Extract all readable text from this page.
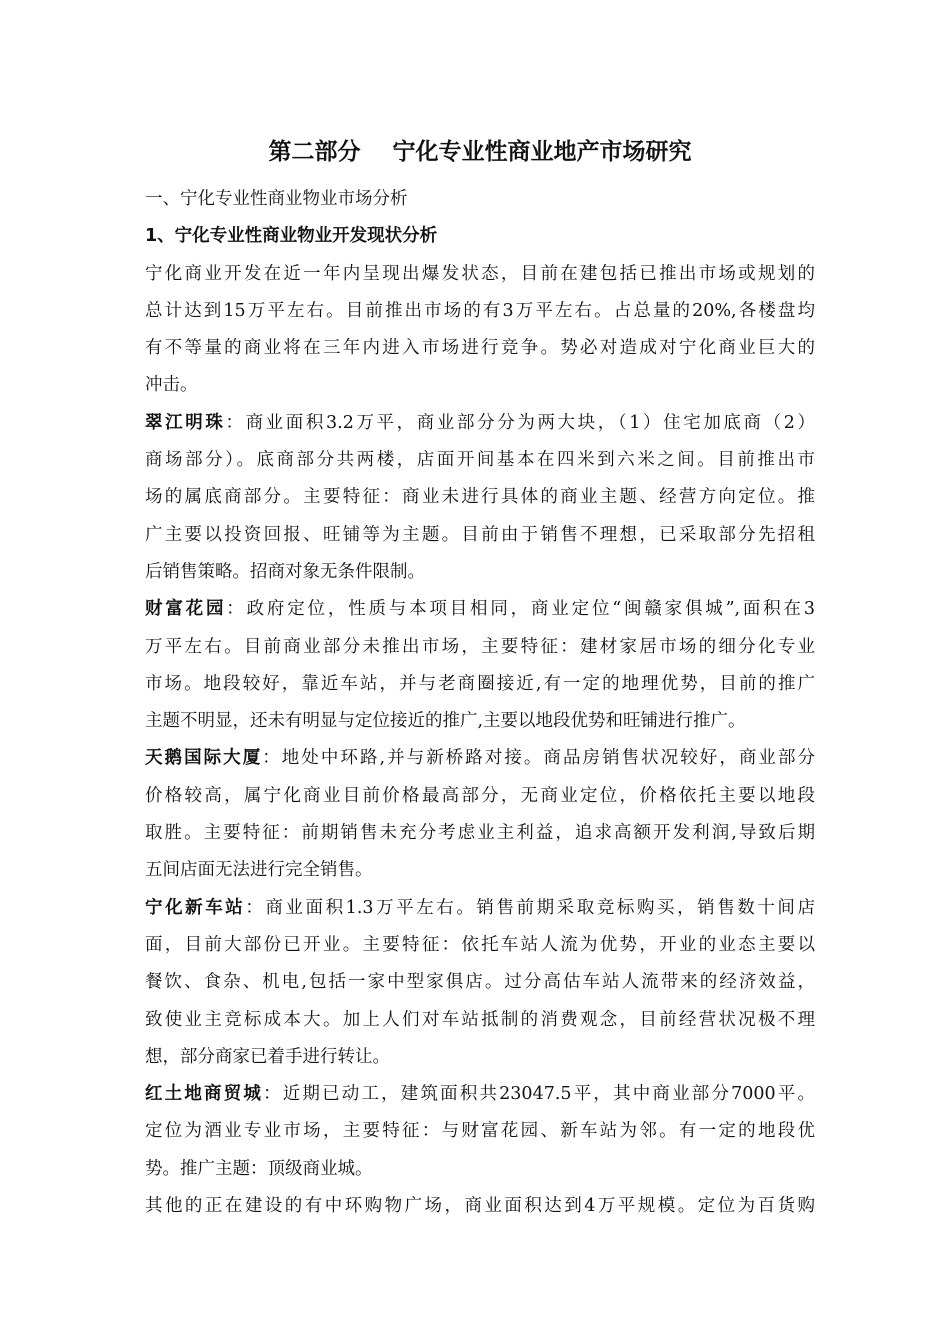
第二部分    宁化专业性商业地产市场研究
一、宁化专业性商业物业市场分析
1、宁化专业性商业物业开发现状分析
宁化商业开发在近一年内呈现出爆发状态，目前在建包括已推出市场或规划的
总计达到15万平左右。目前推出市场的有3万平左右。占总量的20%,各楼盘均
有不等量的商业将在三年内进入市场进行竞争。势必对造成对宁化商业巨大的
冲击。
翠江明珠：商业面积3.2万平，商业部分分为两大块，（1）住宅加底商（2）
商场部分）。底商部分共两楼，店面开间基本在四米到六米之间。目前推出市
场的属底商部分。主要特征：商业未进行具体的商业主题、经营方向定位。推
广主要以投资回报、旺铺等为主题。目前由于销售不理想，已采取部分先招租
后销售策略。招商对象无条件限制。
财富花园：政府定位，性质与本项目相同，商业定位“闽赣家俱城”,面积在3
万平左右。目前商业部分未推出市场，主要特征：建材家居市场的细分化专业
市场。地段较好，靠近车站，并与老商圈接近,有一定的地理优势，目前的推广
主题不明显，还未有明显与定位接近的推广,主要以地段优势和旺铺进行推广。
天鹅国际大厦：地处中环路,并与新桥路对接。商品房销售状况较好，商业部分
价格较高，属宁化商业目前价格最高部分，无商业定位，价格依托主要以地段
取胜。主要特征：前期销售未充分考虑业主利益，追求高额开发利润,导致后期
五间店面无法进行完全销售。
宁化新车站：商业面积1.3万平左右。销售前期采取竞标购买，销售数十间店
面，目前大部份已开业。主要特征：依托车站人流为优势，开业的业态主要以
餐饮、食杂、机电,包括一家中型家俱店。过分高估车站人流带来的经济效益，
致使业主竞标成本大。加上人们对车站抵制的消费观念，目前经营状况极不理
想，部分商家已着手进行转让。
红土地商贸城：近期已动工，建筑面积共23047.5平，其中商业部分7000平。
定位为酒业专业市场，主要特征：与财富花园、新车站为邻。有一定的地段优
势。推广主题：顶级商业城。
其他的正在建设的有中环购物广场，商业面积达到4万平规模。定位为百货购
